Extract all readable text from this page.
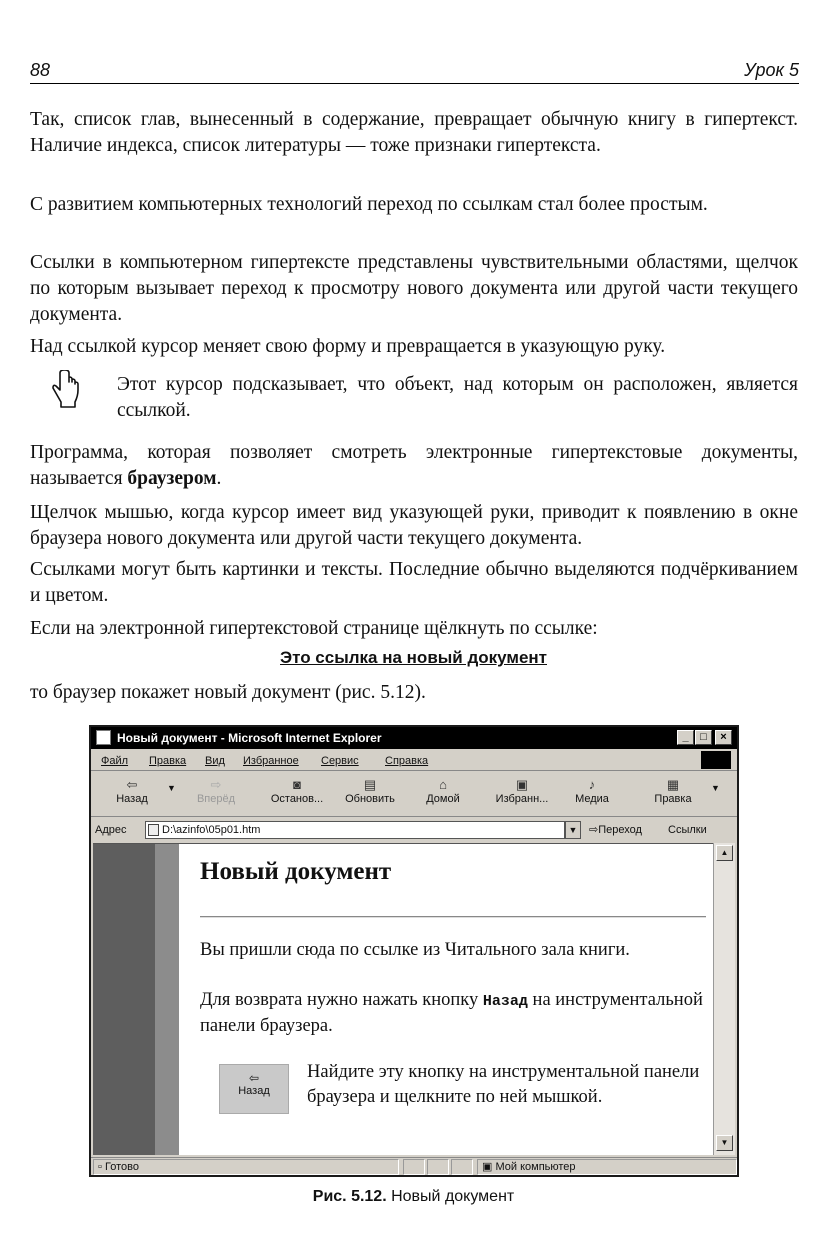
88	Урок 5

Так, список глав, вынесенный в содержание, превращает обычную книгу в гипертекст. Наличие индекса, список литературы — тоже признаки гипертекста.

С развитием компьютерных технологий переход по ссылкам стал более простым.

Ссылки в компьютерном гипертексте представлены чувствительными областями, щелчок по которым вызывает переход к просмотру нового документа или другой части текущего документа.

Над ссылкой курсор меняет свою форму и превращается в указующую руку.

Этот курсор подсказывает, что объект, над которым он расположен, является ссылкой.

Программа, которая позволяет смотреть электронные гипертекстовые документы, называется браузером.

Щелчок мышью, когда курсор имеет вид указующей руки, приводит к появлению в окне браузера нового документа или другой части текущего документа.

Ссылками могут быть картинки и тексты. Последние обычно выделяются подчёркиванием и цветом.

Если на электронной гипертекстовой странице щёлкнуть по ссылке:

Это ссылка на новый документ

то браузер покажет новый документ (рис. 5.12).

Новый документ - Microsoft Internet Explorer	_	□	×
Файл Правка Вид Избранное Сервис Справка
⇦
Назад
▼	⇨
Вперёд
◙
Останов...
▤
Обновить
⌂
Домой
▣
Избранн...
♪
Медиа
▦
Правка
▼
Адрес	D:\azinfo\05p01.htm	▼	⇨Переход Ссылки
Новый документ

Вы пришли сюда по ссылке из Читального зала книги.

Для возврата нужно нажать кнопку Назад на инструментальной панели браузера.

⇦
Назад

Найдите эту кнопку на инструментальной панели браузера и щелкните по ней мышкой.

▲
▼
▫ Готово	▣ Мой компьютер
Рис. 5.12. Новый документ
